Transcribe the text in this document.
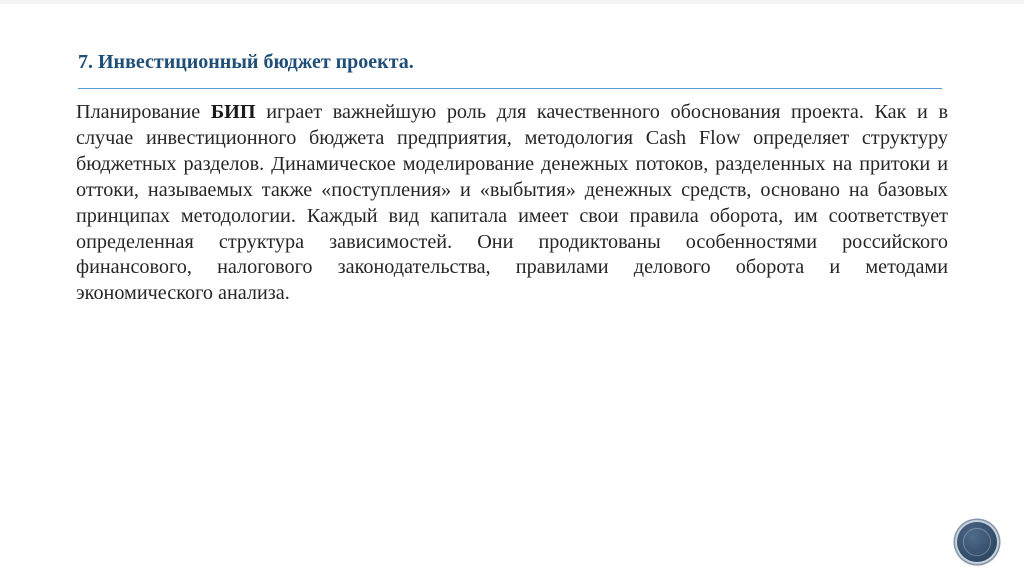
7. Инвестиционный бюджет проекта.

Планирование БИП играет важнейшую роль для качественного обоснования проекта. Как и в случае инвестиционного бюджета предприятия, методология Cash Flow определяет структуру бюджетных разделов. Динамическое моделирование денежных потоков, разделенных на притоки и оттоки, называемых также «поступления» и «выбытия» денежных средств, основано на базовых принципах методологии. Каждый вид капитала имеет свои правила оборота, им соответствует определенная структура зависимостей. Они продиктованы особенностями российского финансового, налогового законодательства, правилами делового оборота и методами экономического анализа.
